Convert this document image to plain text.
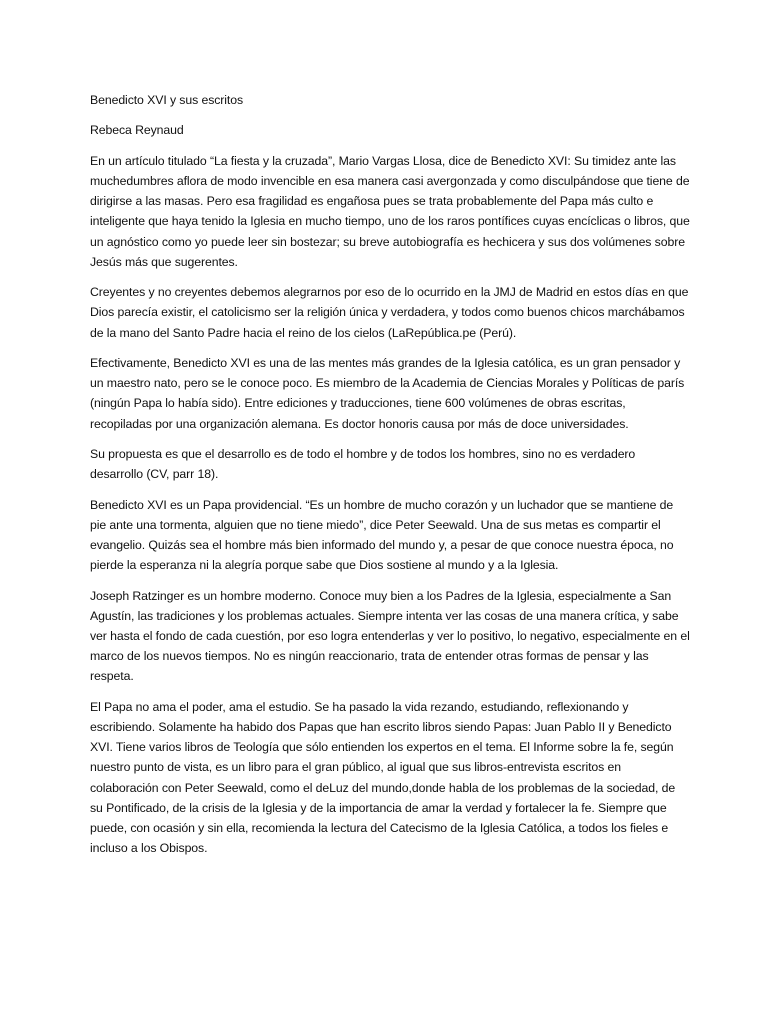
Benedicto XVI y sus escritos

Rebeca Reynaud

En un artículo titulado “La fiesta y la cruzada”, Mario Vargas Llosa, dice de Benedicto XVI: Su timidez ante las muchedumbres aflora de modo invencible en esa manera casi avergonzada y como disculpándose que tiene de dirigirse a las masas. Pero esa fragilidad es engañosa pues se trata probablemente del Papa más culto e inteligente que haya tenido la Iglesia en mucho tiempo, uno de los raros pontífices cuyas encíclicas o libros, que un agnóstico como yo puede leer sin bostezar; su breve autobiografía es hechicera y sus dos volúmenes sobre Jesús más que sugerentes.

Creyentes y no creyentes debemos alegrarnos por eso de lo ocurrido en la JMJ de Madrid en estos días en que Dios parecía existir, el catolicismo ser la religión única y verdadera, y todos como buenos chicos marchábamos de la mano del Santo Padre hacia el reino de los cielos (LaRepública.pe (Perú).

Efectivamente, Benedicto XVI es una de las mentes más grandes de la Iglesia católica, es un gran pensador y un maestro nato, pero se le conoce poco. Es miembro de la Academia de Ciencias Morales y Políticas de parís (ningún Papa lo había sido). Entre ediciones y traducciones, tiene 600 volúmenes de obras escritas, recopiladas por una organización alemana. Es doctor honoris causa por más de doce universidades.

Su propuesta es que el desarrollo es de todo el hombre y de todos los hombres, sino no es verdadero desarrollo (CV, parr 18).

Benedicto XVI es un Papa providencial. “Es un hombre de mucho corazón y un luchador que se mantiene de pie ante una tormenta, alguien que no tiene miedo”, dice Peter Seewald. Una de sus metas es compartir el evangelio. Quizás sea el hombre más bien informado del mundo y, a pesar de que conoce nuestra época, no pierde la esperanza ni la alegría porque sabe que Dios sostiene al mundo y a la Iglesia.

Joseph Ratzinger es un hombre moderno. Conoce muy bien a los Padres de la Iglesia, especialmente a San Agustín, las tradiciones y los problemas actuales. Siempre intenta ver las cosas de una manera crítica, y sabe ver hasta el fondo de cada cuestión, por eso logra entenderlas y ver lo positivo, lo negativo, especialmente en el marco de los nuevos tiempos. No es ningún reaccionario, trata de entender otras formas de pensar y las respeta.

El Papa no ama el poder, ama el estudio. Se ha pasado la vida rezando, estudiando, reflexionando y escribiendo. Solamente ha habido dos Papas que han escrito libros siendo Papas: Juan Pablo II y Benedicto XVI. Tiene varios libros de Teología que sólo entienden los expertos en el tema. El Informe sobre la fe, según nuestro punto de vista, es un libro para el gran público, al igual que sus libros-entrevista escritos en colaboración con Peter Seewald, como el deLuz del mundo,donde habla de los problemas de la sociedad, de su Pontificado, de la crisis de la Iglesia y de la importancia de amar la verdad y fortalecer la fe. Siempre que puede, con ocasión y sin ella, recomienda la lectura del Catecismo de la Iglesia Católica, a todos los fieles e incluso a los Obispos.
